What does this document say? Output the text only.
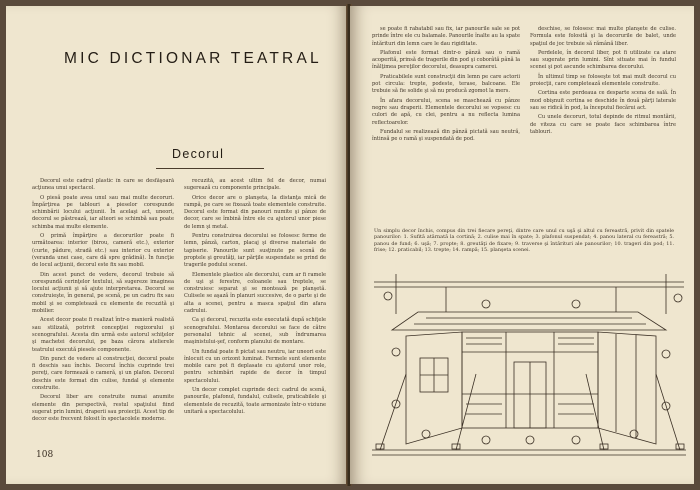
MIC DICTIONAR TEATRAL
Decorul

Decorul este cadrul plastic în care se desfăşoară acţiunea unui spectacol.

O piesă poate avea unul sau mai multe decoruri. Împărţirea pe tablouri a pieselor corespunde schimbării locului acţiunii. În acelaşi act, uneori, decorul se păstrează, iar alteori se schimbă sau poate schimba mai multe elemente.

O primă împărţire a decorurilor poate fi următoarea: interior (birou, cameră etc.), exterior (curte, pădure, stradă etc.) sau interior cu exterior (veranda unei case, care dă spre grădină). În funcţie de locul acţiunii, decorul este fix sau mobil.

Din acest punct de vedere, decorul trebuie să corespundă cerinţelor textului, să sugereze imaginea locului acţiunii şi să ajute interpretarea. Decorul se construieşte, în general, pe scenă, pe un cadru fix sau mobil şi se completează cu elemente de recuzită şi mobilier.

Acest decor poate fi realizat într-o manieră realistă sau stilizată, potrivit concepţiei regizorului şi scenografului. Acesta din urmă este autorul schiţelor şi machetei decorului, pe baza cărora atelierele teatrului execută piesele componente.

Din punct de vedere al construcţiei, decorul poate fi deschis sau închis. Decorul închis cuprinde trei pereţi, care formează o cameră, şi un plafon. Decorul deschis este format din culise, fundal şi elemente construite.

Decorul liber are construite numai anumite elemente din perspectivă, restul spaţiului fiind sugerat prin lumini, draperii sau proiecţii. Acest tip de decor este frecvent folosit în spectacolele moderne.

recuzită, au acest ultim fel de decor, numai sugerează cu componente principale.

Orice decor are o planşeta, la distanţa mică de rampă, pe care se fixează toate elementele construite. Decorul este format din panouri numite şi pânze de decor, care se îmbină între ele cu ajutorul unor piese de lemn şi metal.

Pentru construirea decorului se folosesc ferme de lemn, pânză, carton, placaj şi diverse materiale de tapiserie. Panourile sunt susţinute pe scenă de proptele şi greutăţi, iar părţile suspendate se prind de tragerile podului scenei.

Elementele plastice ale decorului, cum ar fi ramele de uşi şi ferestre, coloanele sau treptele, se construiesc separat şi se montează pe planşetă. Culisele se aşază în planuri succesive, de o parte şi de alta a scenei, pentru a masca spaţiul din afara cadrului.

Ca şi decorul, recuzita este executată după schiţele scenografului. Montarea decorului se face de către personalul tehnic al scenei, sub îndrumarea maşinistului-şef, conform planului de montare.

Un fundal poate fi pictat sau neutru, iar uneori este înlocuit cu un orizont luminat. Fermele sunt elemente mobile care pot fi deplasate cu ajutorul unor role, pentru schimbări rapide de decor în timpul spectacolului.

Un decor complet cuprinde deci: cadrul de scenă, panourile, plafonul, fundalul, culisele, praticabilele şi elementele de recuzită, toate armonizate într-o viziune unitară a spectacolului.

108

se poate fi rabatabil sau fix, iar panourile sale se pot prinde între ele cu balamale. Panourile înalte au la spate întărituri din lemn care le dau rigiditate.

Plafonul este format dintr-o pânză sau o ramă acoperită, prinsă de tragerile din pod şi coborâtă până la înălţimea pereţilor decorului, deasupra camerei.

Praticabilele sunt construcţii din lemn pe care actorii pot circula: trepte, podeste, terase, balcoane. Ele trebuie să fie solide şi să nu producă zgomot la mers.

În afara decorului, scena se maschează cu pânze negre sau draperii. Elementele decorului se vopsesc cu culori de apă, cu clei, pentru a nu reflecta lumina reflectoarelor.

Fundalul se realizează din pânză pictată sau neutră, întinsă pe o ramă şi suspendată de pod.

deschise, se folosesc mai multe planşete de culise. Formula este folosită şi la decorurile de balet, unde spaţiul de joc trebuie să rămână liber.

Perdelele, în decorul liber, pot fi utilizate ca atare sau sugerate prin lumini. Sînt situate mai în fundul scenei şi pot ascunde schimbarea decorului.

În ultimul timp se foloseşte tot mai mult decorul cu proiecţii, care completează elementele construite.

Cortina este perdeaua ce desparte scena de sală. În mod obişnuit cortina se deschide în două părţi laterale sau se ridică în pod, la începutul fiecărui act.

Cu unele decoruri, totul depinde de ritmul montării, de viteza cu care se poate face schimbarea între tablouri.

Un simplu decor închis, compus din trei fiecare pereţi, dintre care unul cu uşă şi altul cu fereastră, privit din spatele panourilor: 1. Sufită atârnată la cortină; 2. culise mai în spate; 3. plafonul suspendat; 4. panou lateral cu fereastră; 5. panou de fund; 6. uşă; 7. propte; 8. greutăţi de fixare; 9. traverse şi întărituri ale panourilor; 10. trageri din pod; 11. frise; 12. praticabil; 13. trepte; 14. rampă; 15. planşeta scenei.
